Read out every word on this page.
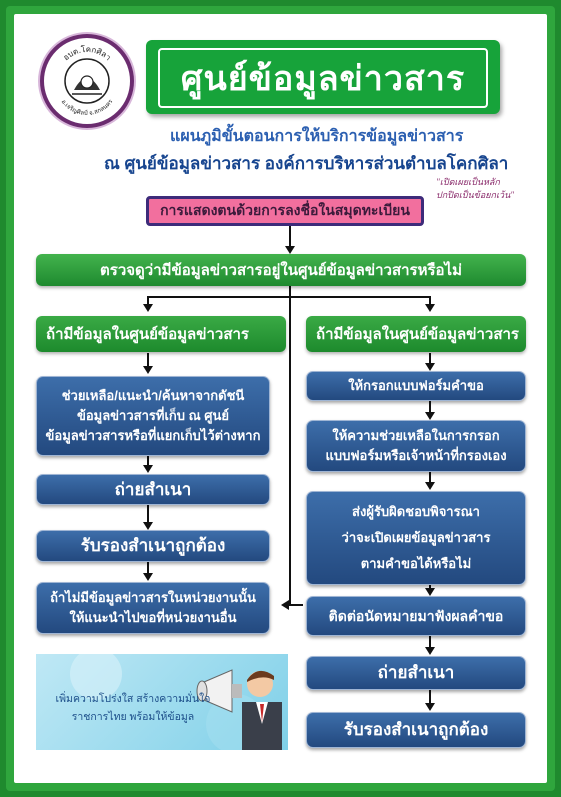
อบต.โคกศิลา
อ.เจริญศิลป์ จ.สกลนคร
ศูนย์ข้อมูลข่าวสาร
แผนภูมิขั้นตอนการให้บริการข้อมูลข่าวสาร
ณ ศูนย์ข้อมูลข่าวสาร องค์การบริหารส่วนตำบลโคกศิลา
"เปิดเผยเป็นหลัก
ปกปิดเป็นข้อยกเว้น"
การแสดงตนด้วยการลงชื่อในสมุดทะเบียน
ตรวจดูว่ามีข้อมูลข่าวสารอยู่ในศูนย์ข้อมูลข่าวสารหรือไม่
ถ้ามีข้อมูลในศูนย์ข้อมูลข่าวสาร
ช่วยเหลือ/แนะนำ/ค้นหาจากดัชนี
ข้อมูลข่าวสารที่เก็บ ณ ศูนย์
ข้อมูลข่าวสารหรือที่แยกเก็บไว้ต่างหาก
ถ่ายสำเนา
รับรองสำเนาถูกต้อง
ถ้าไม่มีข้อมูลข่าวสารในหน่วยงานนั้น
ให้แนะนำไปขอที่หน่วยงานอื่น
ถ้ามีข้อมูลในศูนย์ข้อมูลข่าวสาร
ให้กรอกแบบฟอร์มคำขอ
ให้ความช่วยเหลือในการกรอก
แบบฟอร์มหรือเจ้าหน้าที่กรองเอง
ส่งผู้รับผิดชอบพิจารณา
ว่าจะเปิดเผยข้อมูลข่าวสาร
ตามคำขอได้หรือไม่
ติดต่อนัดหมายมาฟังผลคำขอ
ถ่ายสำเนา
รับรองสำเนาถูกต้อง
เพิ่มความโปร่งใส สร้างความมั่นใจ
ราชการไทย พร้อมให้ข้อมูล
